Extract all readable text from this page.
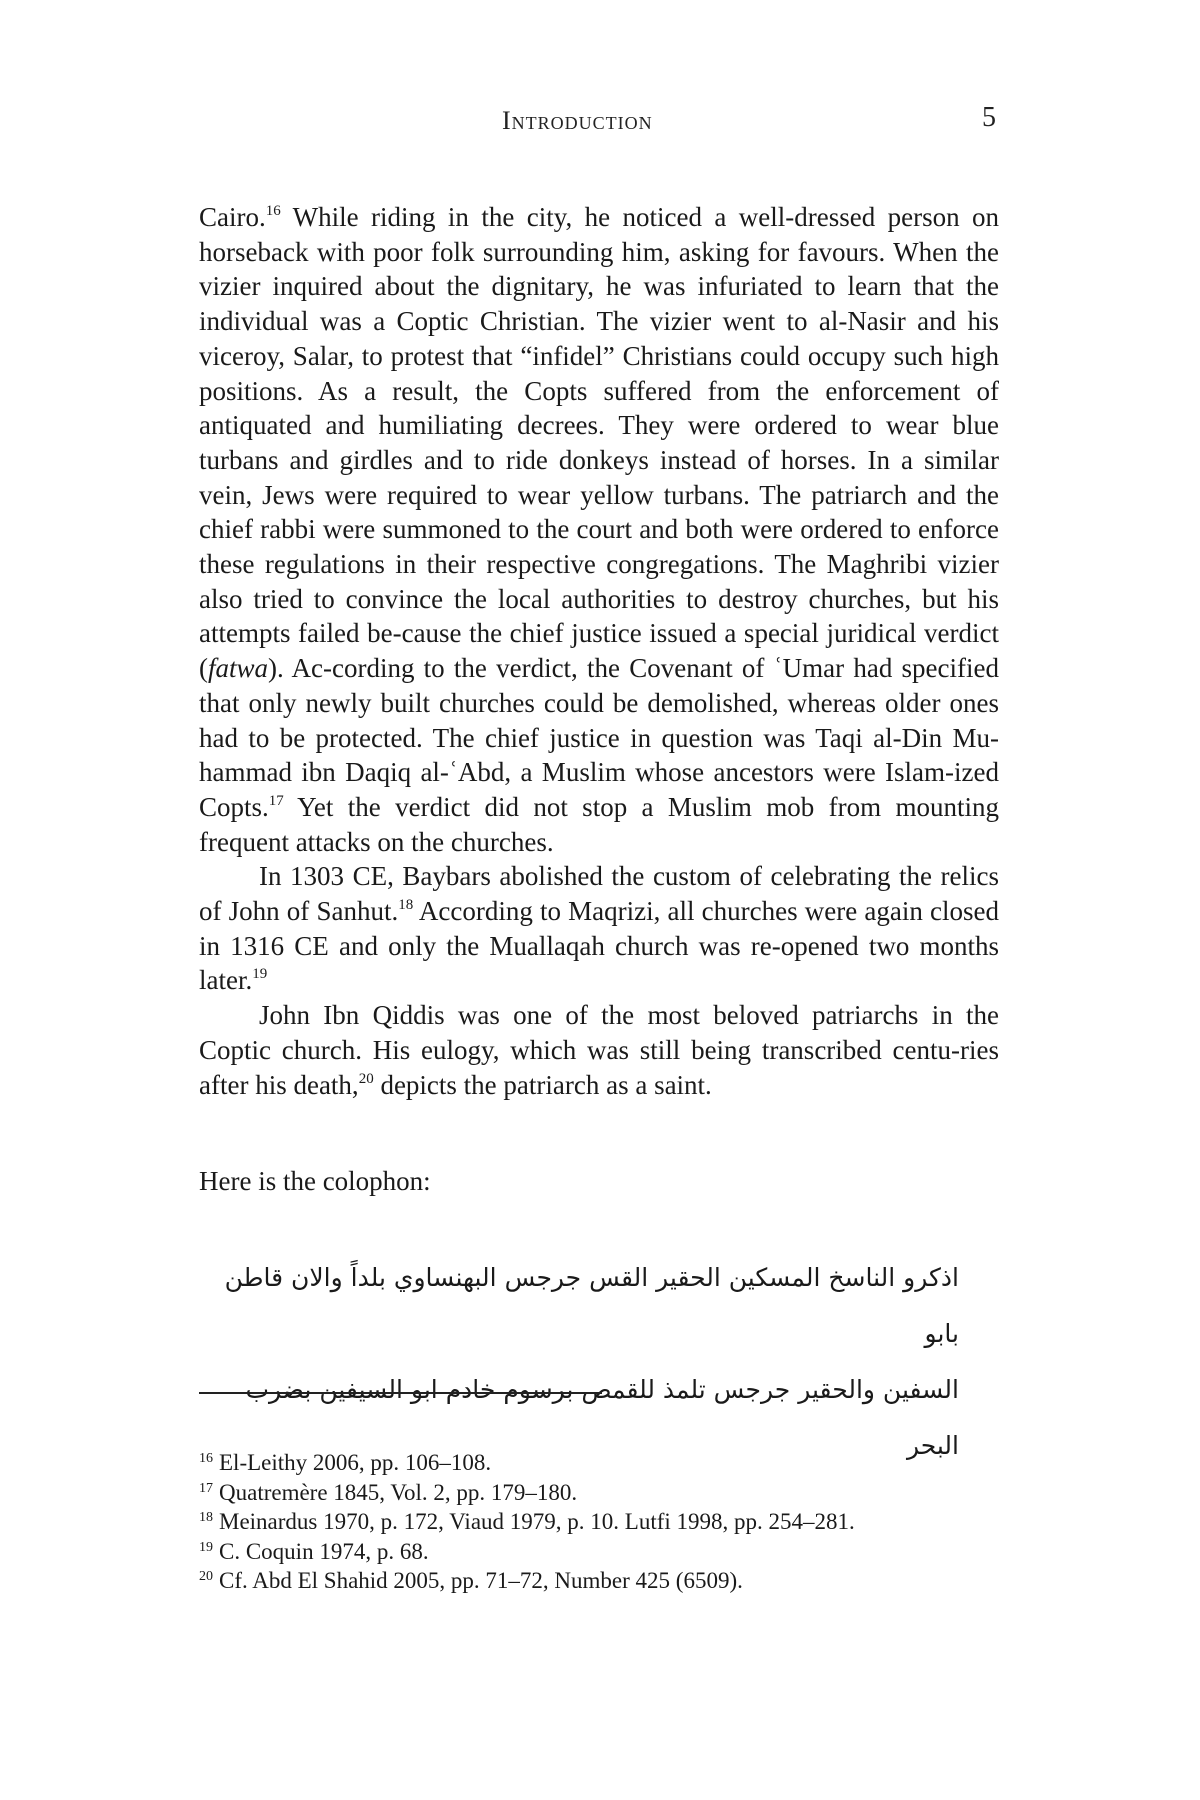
Introduction	5

Cairo.$^{16}$ While riding in the city, he noticed a well-dressed person on horseback with poor folk surrounding him, asking for favours. When the vizier inquired about the dignitary, he was infuriated to learn that the individual was a Coptic Christian. The vizier went to al-Nasir and his viceroy, Salar, to protest that “infidel” Christians could occupy such high positions. As a result, the Copts suffered from the enforcement of antiquated and humiliating decrees. They were ordered to wear blue turbans and girdles and to ride donkeys instead of horses. In a similar vein, Jews were required to wear yellow turbans. The patriarch and the chief rabbi were summoned to the court and both were ordered to enforce these regulations in their respective congregations. The Maghribi vizier also tried to convince the local authorities to destroy churches, but his attempts failed be-cause the chief justice issued a special juridical verdict (fatwa). Ac-cording to the verdict, the Covenant of ʿUmar had specified that only newly built churches could be demolished, whereas older ones had to be protected. The chief justice in question was Taqi al-Din Mu-hammad ibn Daqiq al-ʿAbd, a Muslim whose ancestors were Islam-ized Copts.$^{17}$ Yet the verdict did not stop a Muslim mob from mounting frequent attacks on the churches.

In 1303 CE, Baybars abolished the custom of celebrating the relics of John of Sanhut.$^{18}$ According to Maqrizi, all churches were again closed in 1316 CE and only the Muallaqah church was re-opened two months later.$^{19}$

John Ibn Qiddis was one of the most beloved patriarchs in the Coptic church. His eulogy, which was still being transcribed centu-ries after his death,$^{20}$ depicts the patriarch as a saint.

Here is the colophon:
اذكرو الناسخ المسكين الحقير القس جرجس البهنساوي بلداً والان قاطن بابو
السفين والحقير جرجس تلمذ للقمص برسوم خادم ابو السيفين بضرب البحر
$^{16}$ El-Leithy 2006, pp. 106–108.
$^{17}$ Quatremère 1845, Vol. 2, pp. 179–180.
$^{18}$ Meinardus 1970, p. 172, Viaud 1979, p. 10. Lutfi 1998, pp. 254–281.
$^{19}$ C. Coquin 1974, p. 68.
$^{20}$ Cf. Abd El Shahid 2005, pp. 71–72, Number 425 (6509).
